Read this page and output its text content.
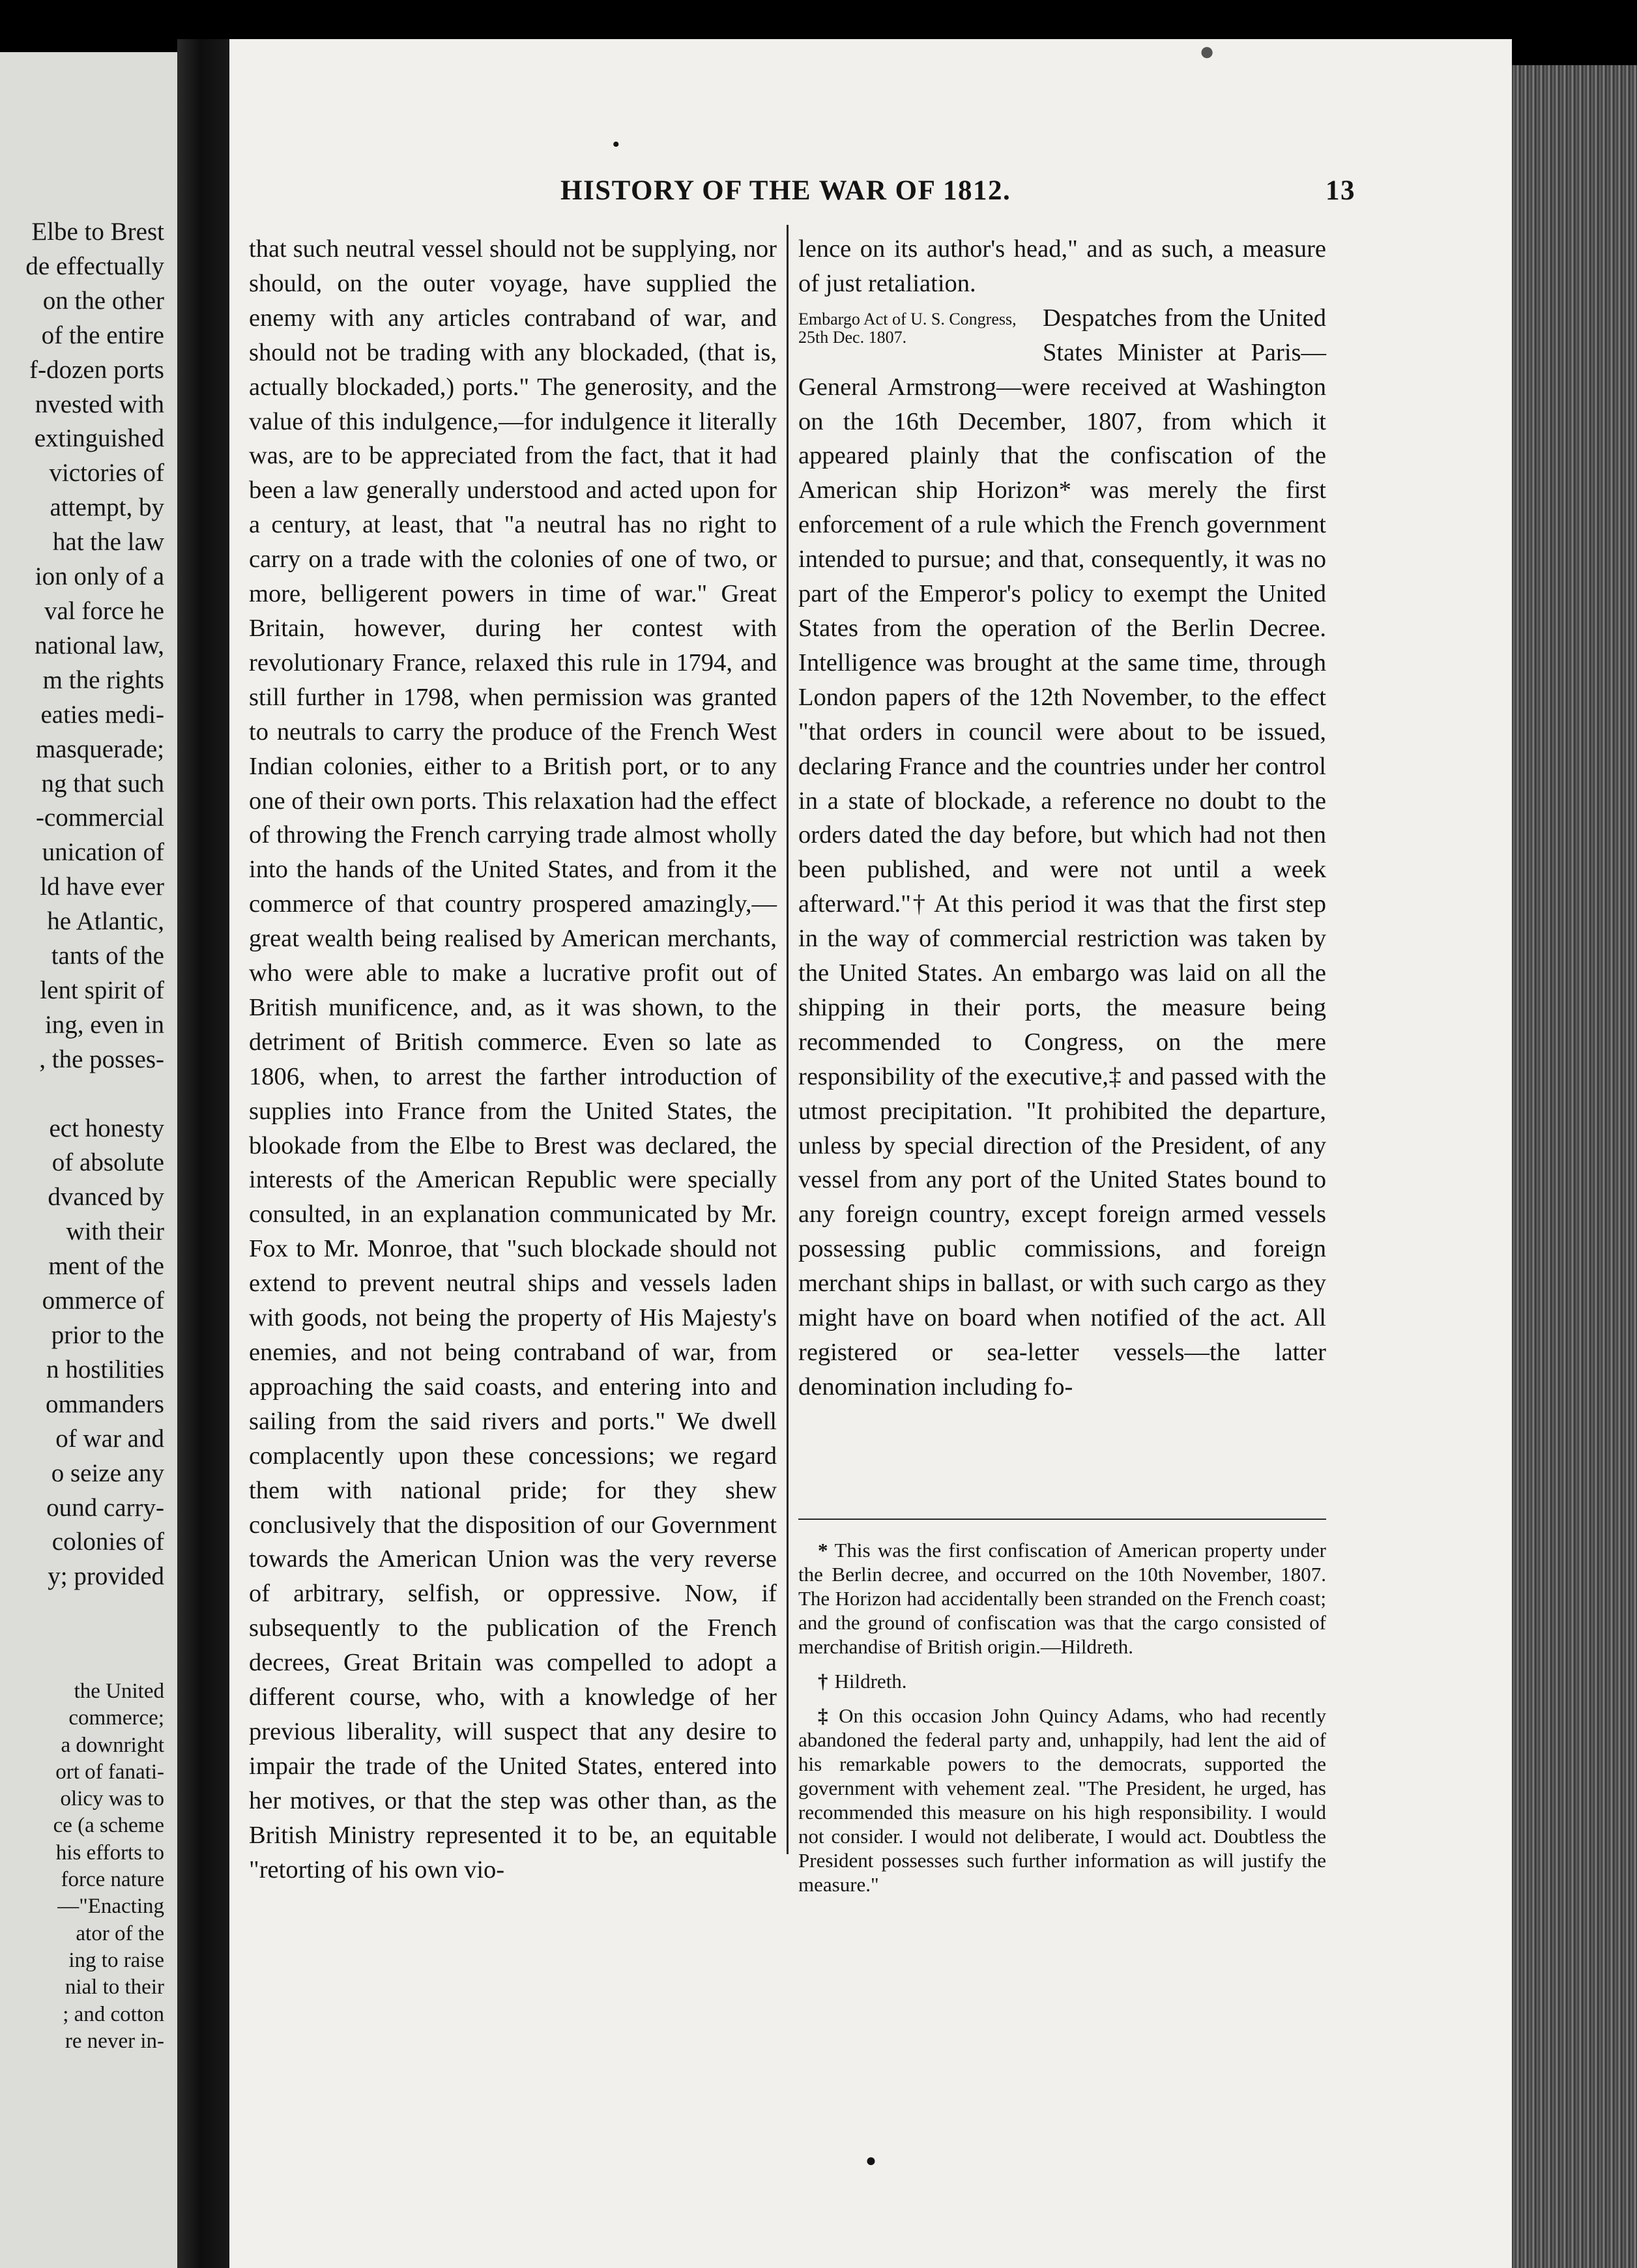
Elbe to Brest
de effectually
on the other
of the entire
f-dozen ports
nvested with
extinguished
victories of
attempt, by
hat the law
ion only of a
val force he
national law,
m the rights
eaties medi-
masquerade;
ng that such
-commercial
unication of
ld have ever
he Atlantic,
tants of the
lent spirit of
ing, even in
, the posses-

ect honesty
of absolute
dvanced by
with their
ment of the
ommerce of
prior to the
n hostilities
ommanders
of war and
o seize any
ound carry-
colonies of
y; provided
the United
commerce;
a downright
ort of fanati-
olicy was to
ce (a scheme
his efforts to
force nature
—"Enacting
ator of the
ing to raise
nial to their
; and cotton
re never in-
●
•
HISTORY OF THE WAR OF 1812.	13

that such neutral vessel should not be supplying, nor should, on the outer voyage, have supplied the enemy with any articles contraband of war, and should not be trading with any blockaded, (that is, actually blockaded,) ports." The generosity, and the value of this indulgence,—for indulgence it literally was, are to be appreciated from the fact, that it had been a law generally understood and acted upon for a century, at least, that "a neutral has no right to carry on a trade with the colonies of one of two, or more, belligerent powers in time of war." Great Britain, however, during her contest with revolutionary France, relaxed this rule in 1794, and still further in 1798, when permission was granted to neutrals to carry the produce of the French West Indian colonies, either to a British port, or to any one of their own ports. This relaxation had the effect of throwing the French carrying trade almost wholly into the hands of the United States, and from it the commerce of that country prospered amazingly,—great wealth being realised by American merchants, who were able to make a lucrative profit out of British munificence, and, as it was shown, to the detriment of British commerce. Even so late as 1806, when, to arrest the farther introduction of supplies into France from the United States, the blookade from the Elbe to Brest was declared, the interests of the American Republic were specially consulted, in an explanation communicated by Mr. Fox to Mr. Monroe, that "such blockade should not extend to prevent neutral ships and vessels laden with goods, not being the property of His Majesty's enemies, and not being contraband of war, from approaching the said coasts, and entering into and sailing from the said rivers and ports." We dwell complacently upon these concessions; we regard them with national pride; for they shew conclusively that the disposition of our Government towards the American Union was the very reverse of arbitrary, selfish, or oppressive. Now, if subsequently to the publication of the French decrees, Great Britain was compelled to adopt a different course, who, with a knowledge of her previous liberality, will suspect that any desire to impair the trade of the United States, entered into her motives, or that the step was other than, as the British Ministry represented it to be, an equitable "retorting of his own vio-

lence on its author's head," and as such, a measure of just retaliation.

Embargo Act of U. S. Congress, 25th Dec. 1807.
Despatches from the United States Minister at Paris—General Armstrong—were received at Washington on the 16th December, 1807, from which it appeared plainly that the confiscation of the American ship Horizon* was merely the first enforcement of a rule which the French government intended to pursue; and that, consequently, it was no part of the Emperor's policy to exempt the United States from the operation of the Berlin Decree. Intelligence was brought at the same time, through London papers of the 12th November, to the effect "that orders in council were about to be issued, declaring France and the countries under her control in a state of blockade, a reference no doubt to the orders dated the day before, but which had not then been published, and were not until a week afterward."† At this period it was that the first step in the way of commercial restriction was taken by the United States. An embargo was laid on all the shipping in their ports, the measure being recommended to Congress, on the mere responsibility of the executive,‡ and passed with the utmost precipitation. "It prohibited the departure, unless by special direction of the President, of any vessel from any port of the United States bound to any foreign country, except foreign armed vessels possessing public commissions, and foreign merchant ships in ballast, or with such cargo as they might have on board when notified of the act. All registered or sea-letter vessels—the latter denomination including fo-

* This was the first confiscation of American property under the Berlin decree, and occurred on the 10th November, 1807. The Horizon had accidentally been stranded on the French coast; and the ground of confiscation was that the cargo consisted of merchandise of British origin.—Hildreth.

† Hildreth.

‡ On this occasion John Quincy Adams, who had recently abandoned the federal party and, unhappily, had lent the aid of his remarkable powers to the democrats, supported the government with vehement zeal. "The President, he urged, has recommended this measure on his high responsibility. I would not consider. I would not deliberate, I would act. Doubtless the President possesses such further information as will justify the measure."

●
